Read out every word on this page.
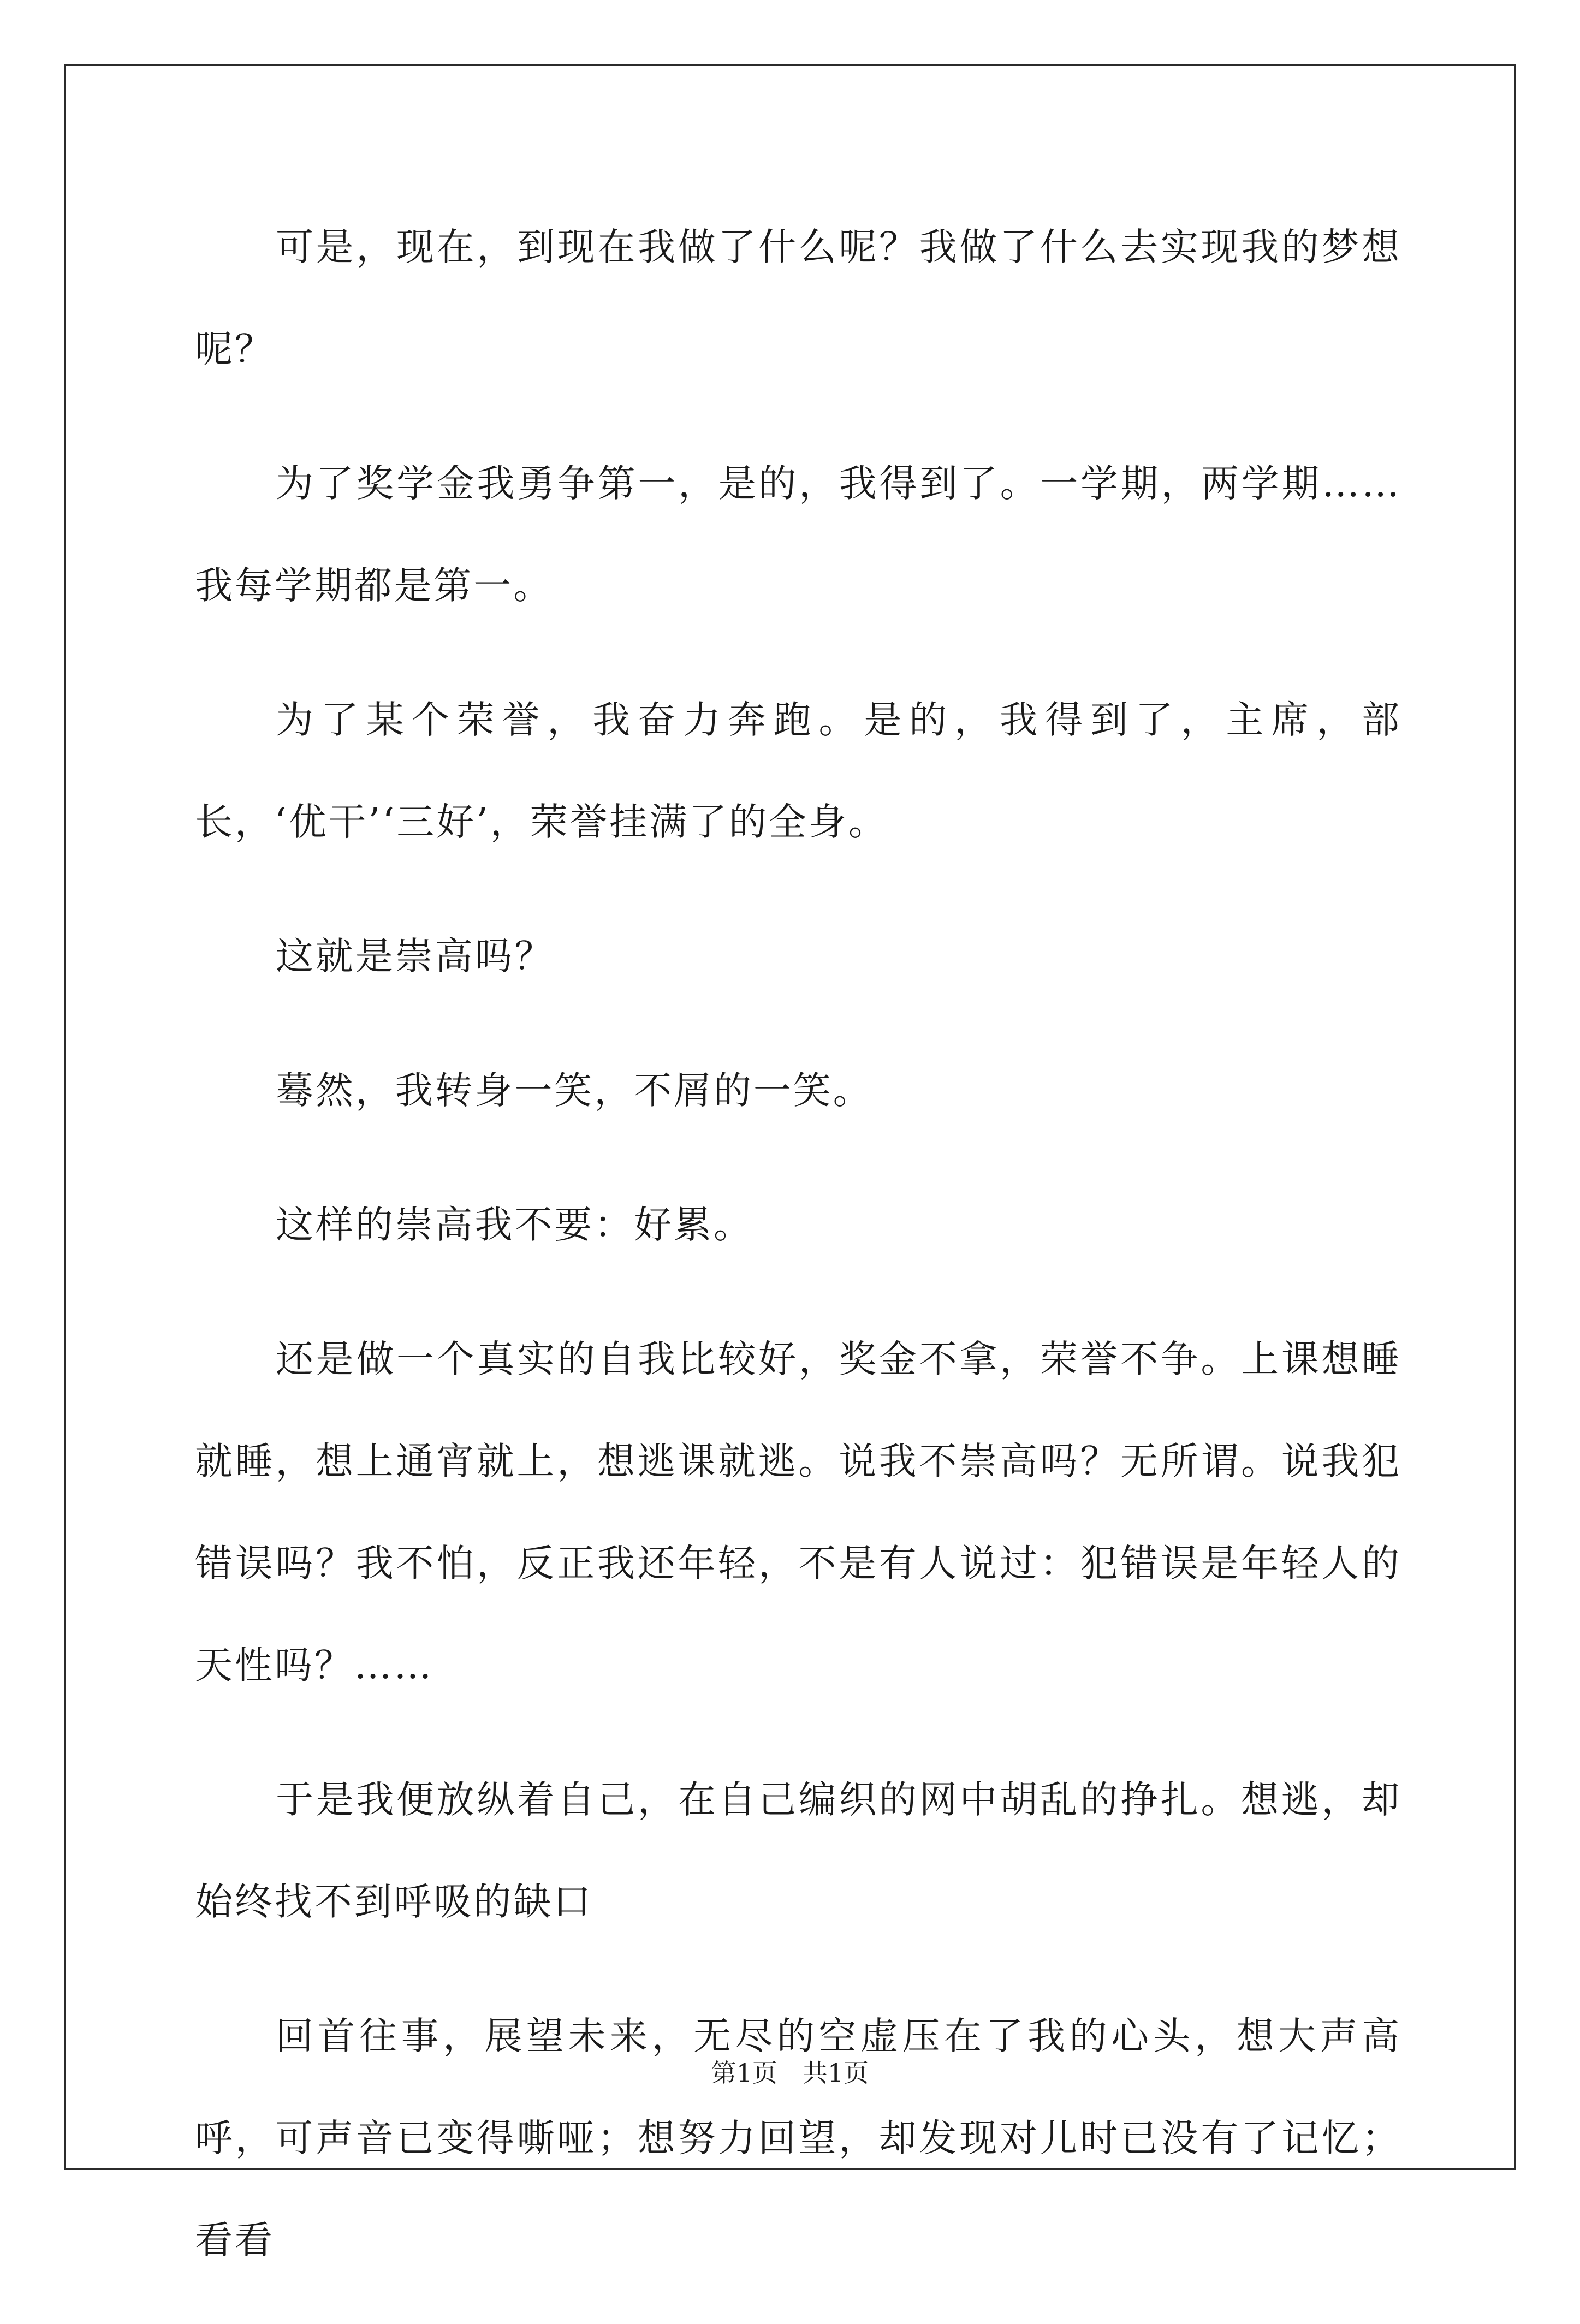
可是，现在，到现在我做了什么呢？我做了什么去实现我的梦想呢？

为了奖学金我勇争第一，是的，我得到了。一学期，两学期……我每学期都是第一。

为了某个荣誉，我奋力奔跑。是的，我得到了，主席，部长，‘优干’‘三好’，荣誉挂满了的全身。

这就是崇高吗？

蓦然，我转身一笑，不屑的一笑。

这样的崇高我不要：好累。

还是做一个真实的自我比较好，奖金不拿，荣誉不争。上课想睡就睡，想上通宵就上，想逃课就逃。说我不崇高吗？无所谓。说我犯错误吗？我不怕，反正我还年轻，不是有人说过：犯错误是年轻人的天性吗？……

于是我便放纵着自己，在自己编织的网中胡乱的挣扎。想逃，却始终找不到呼吸的缺口

回首往事，展望未来，无尽的空虚压在了我的心头，想大声高呼，可声音已变得嘶哑；想努力回望，却发现对儿时已没有了记忆；看看

第1页 共1页
